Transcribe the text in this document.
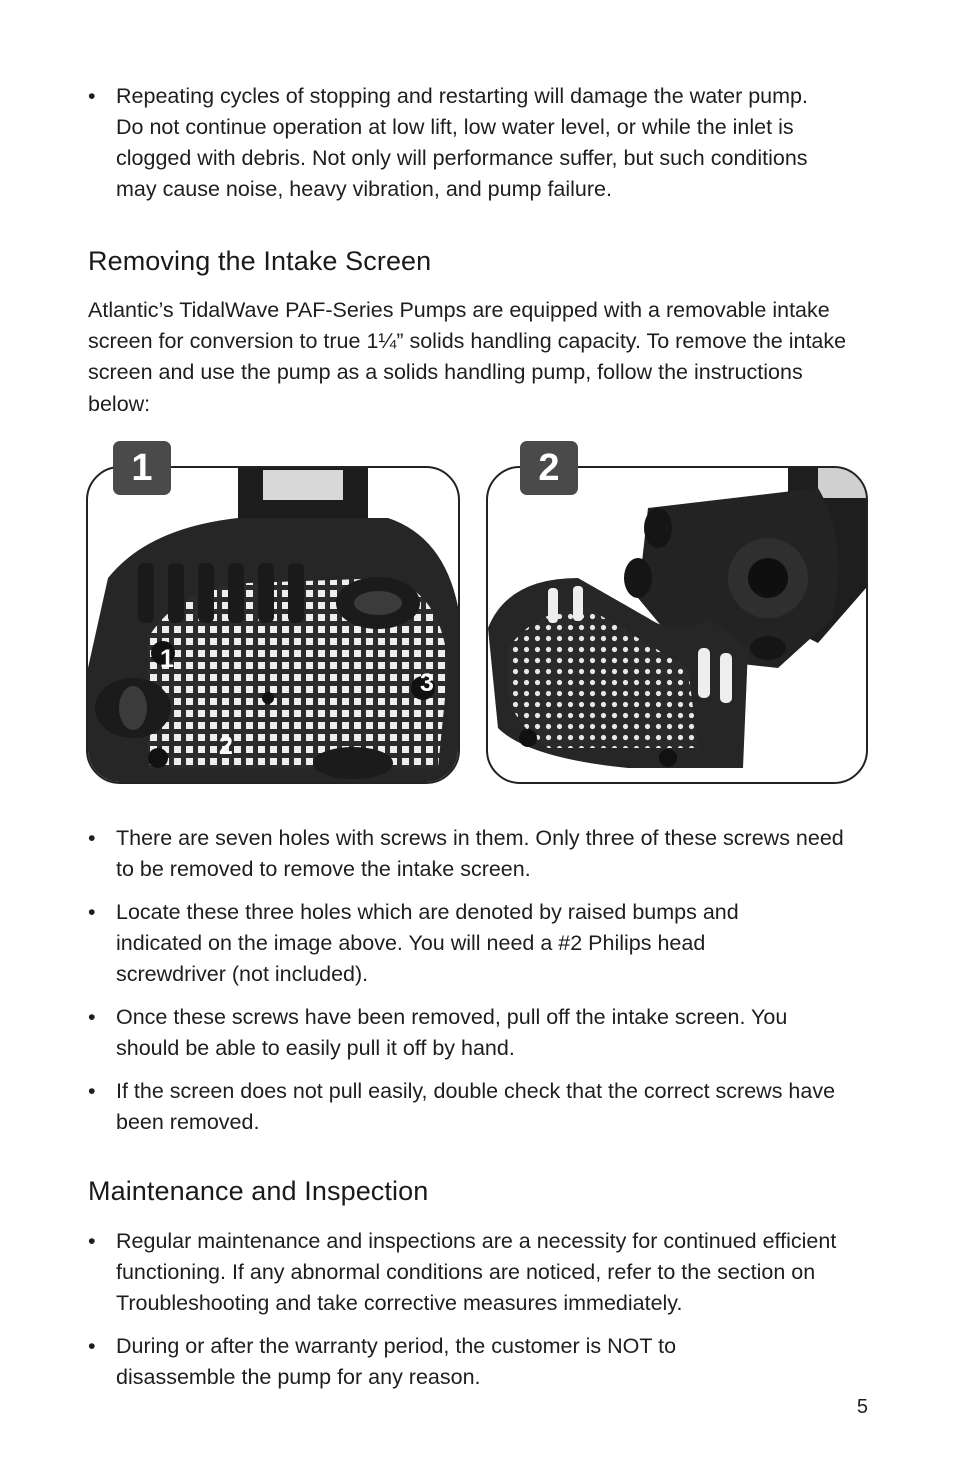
• Repeating cycles of stopping and restarting will damage the water pump. Do not continue operation at low lift, low water level, or while the inlet is clogged with debris. Not only will performance suffer, but such conditions may cause noise, heavy vibration, and pump failure.
Removing the Intake Screen

Atlantic’s TidalWave PAF-Series Pumps are equipped with a removable intake screen for conversion to true 1¼” solids handling capacity. To remove the intake screen and use the pump as a solids handling pump, follow the instructions below:

1
2
3
1	2
• There are seven holes with screws in them. Only three of these screws need to be removed to remove the intake screen.
• Locate these three holes which are denoted by raised bumps and indicated on the image above. You will need a #2 Philips head screwdriver (not included).
• Once these screws have been removed, pull off the intake screen. You should be able to easily pull it off by hand.
• If the screen does not pull easily, double check that the correct screws have been removed.
Maintenance and Inspection
• Regular maintenance and inspections are a necessity for continued efficient functioning. If any abnormal conditions are noticed, refer to the section on Troubleshooting and take corrective measures immediately.
• During or after the warranty period, the customer is NOT to disassemble the pump for any reason.
5
